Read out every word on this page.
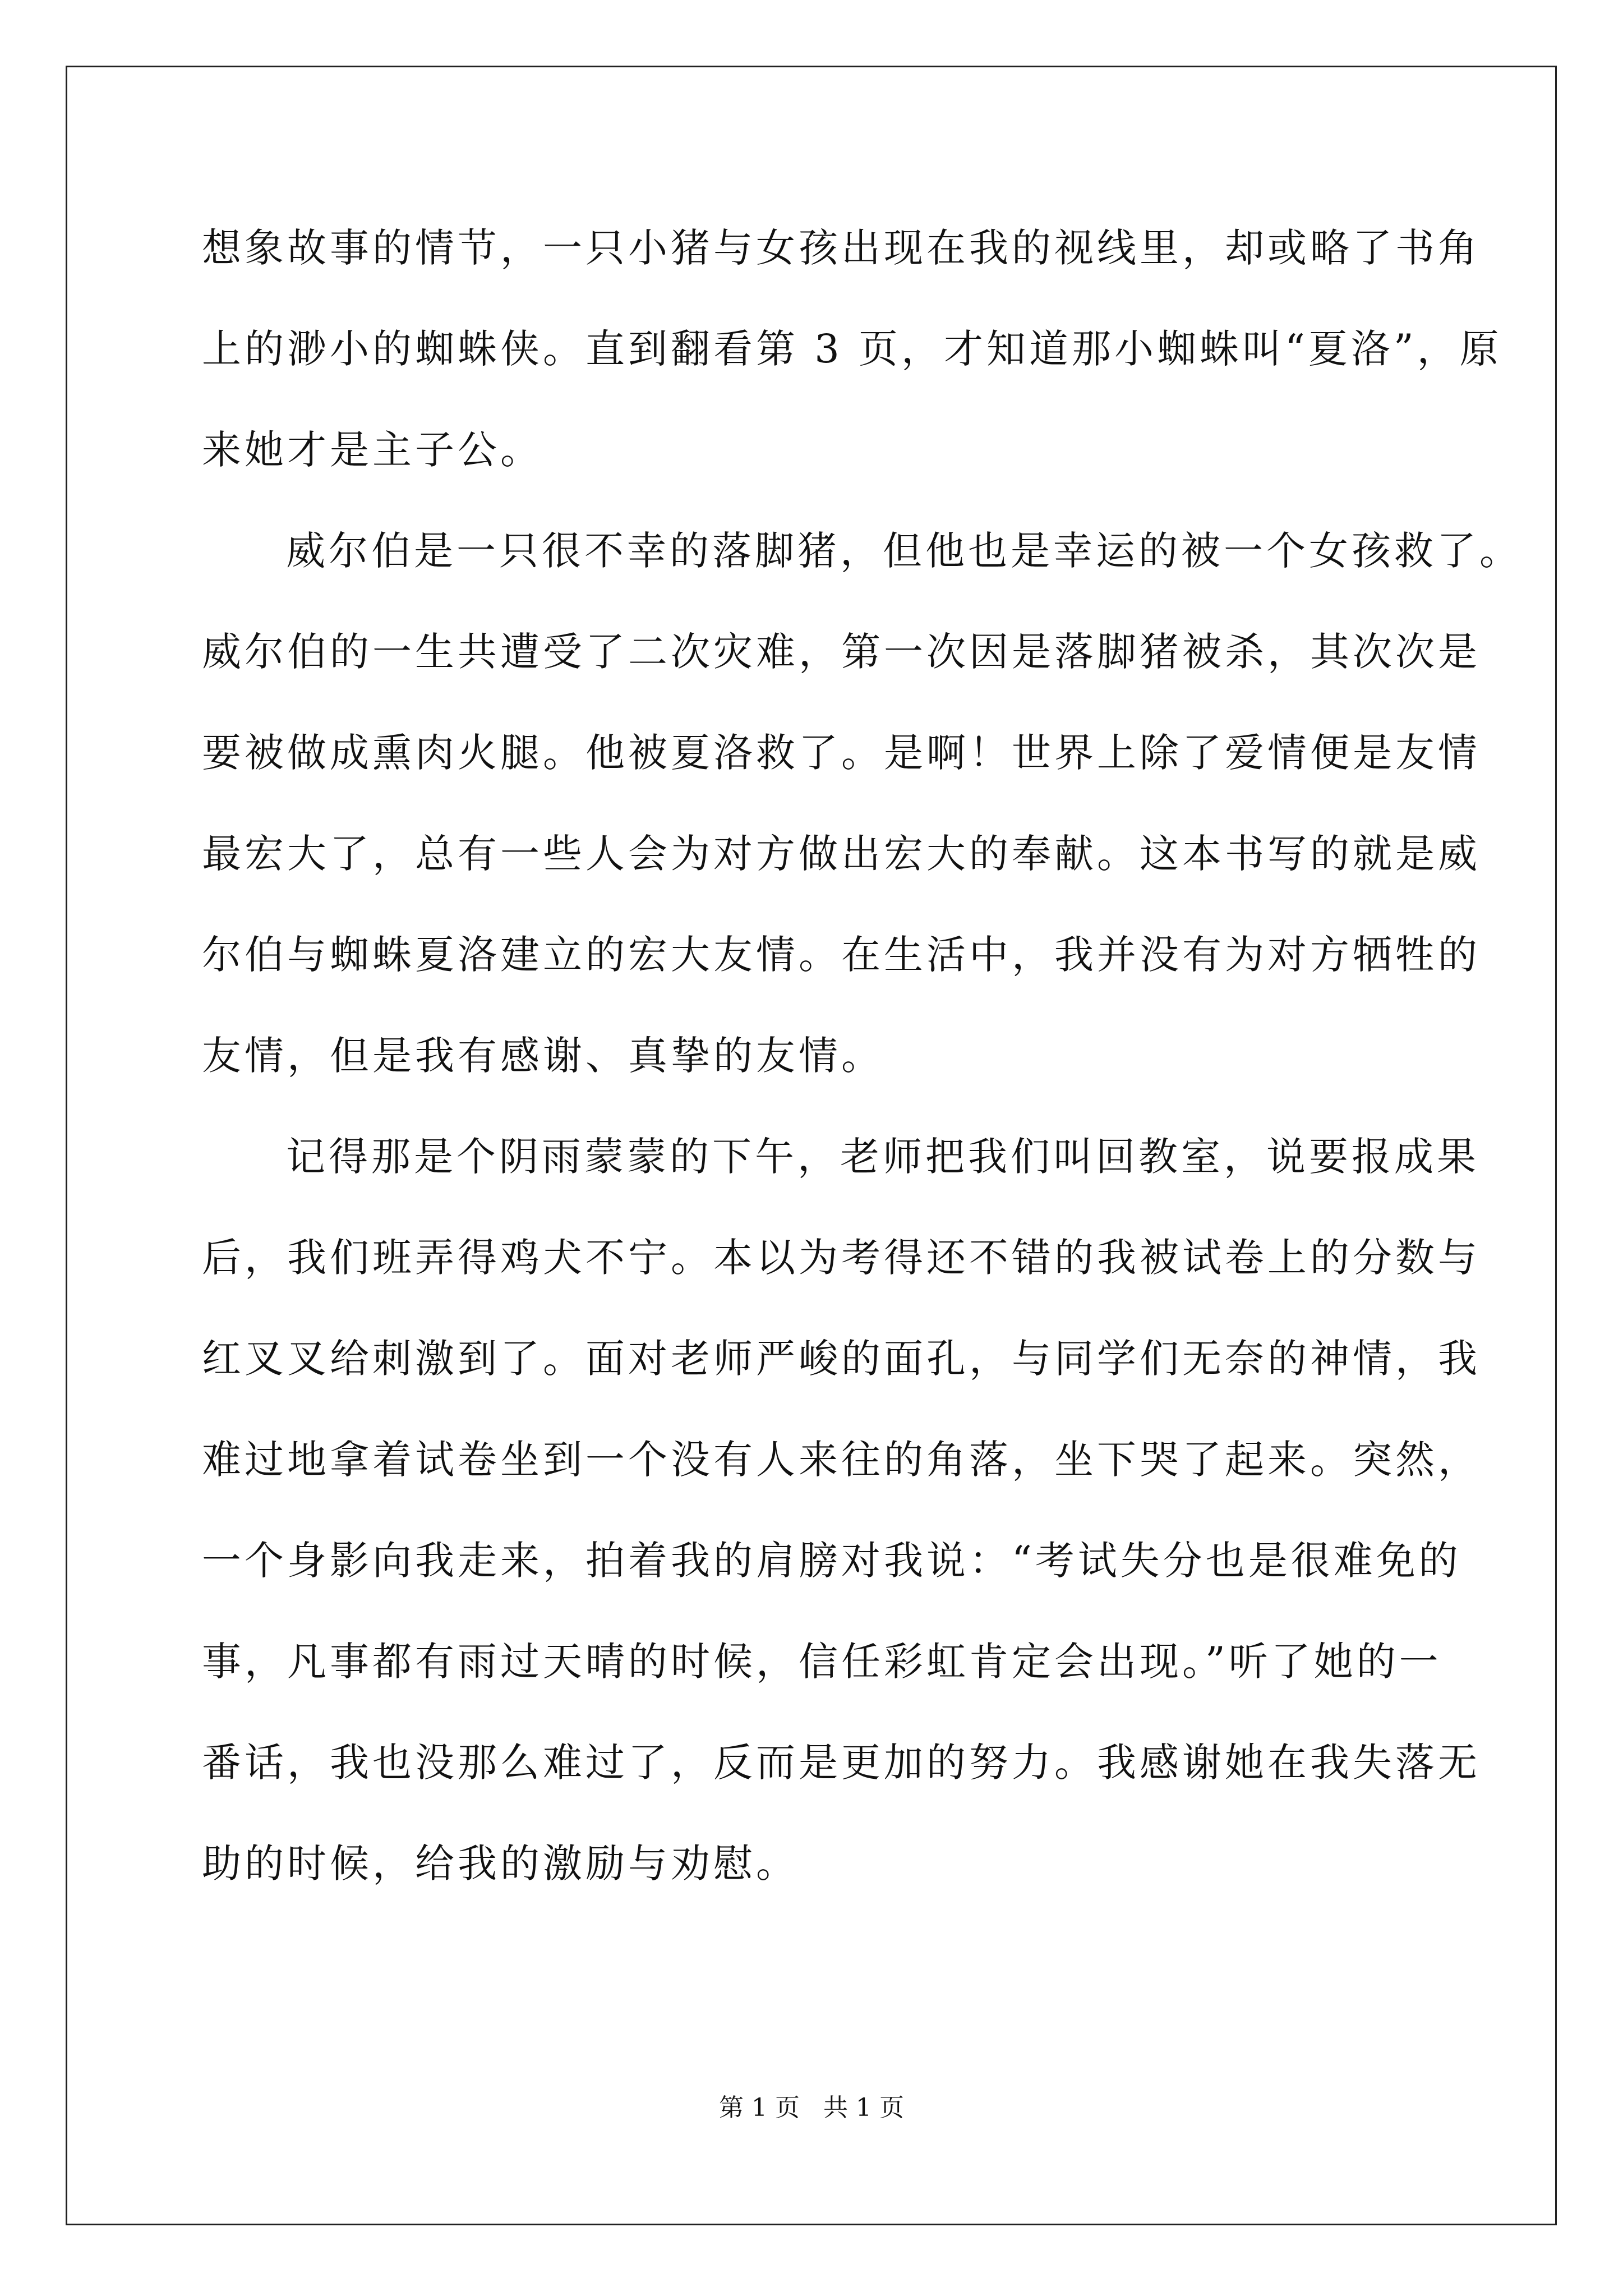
想象故事的情节，一只小猪与女孩出现在我的视线里，却或略了书角
上的渺小的蜘蛛侠。直到翻看第 3 页，才知道那小蜘蛛叫“夏洛”，原
来她才是主子公。
威尔伯是一只很不幸的落脚猪，但他也是幸运的被一个女孩救了。
威尔伯的一生共遭受了二次灾难，第一次因是落脚猪被杀，其次次是
要被做成熏肉火腿。他被夏洛救了。是啊！世界上除了爱情便是友情
最宏大了，总有一些人会为对方做出宏大的奉献。这本书写的就是威
尔伯与蜘蛛夏洛建立的宏大友情。在生活中，我并没有为对方牺牲的
友情，但是我有感谢、真挚的友情。
记得那是个阴雨蒙蒙的下午，老师把我们叫回教室，说要报成果
后，我们班弄得鸡犬不宁。本以为考得还不错的我被试卷上的分数与
红叉叉给刺激到了。面对老师严峻的面孔，与同学们无奈的神情，我
难过地拿着试卷坐到一个没有人来往的角落，坐下哭了起来。突然，
一个身影向我走来，拍着我的肩膀对我说：“考试失分也是很难免的
事，凡事都有雨过天晴的时候，信任彩虹肯定会出现。”听了她的一
番话，我也没那么难过了，反而是更加的努力。我感谢她在我失落无
助的时候，给我的激励与劝慰。
第 1 页   共 1 页
